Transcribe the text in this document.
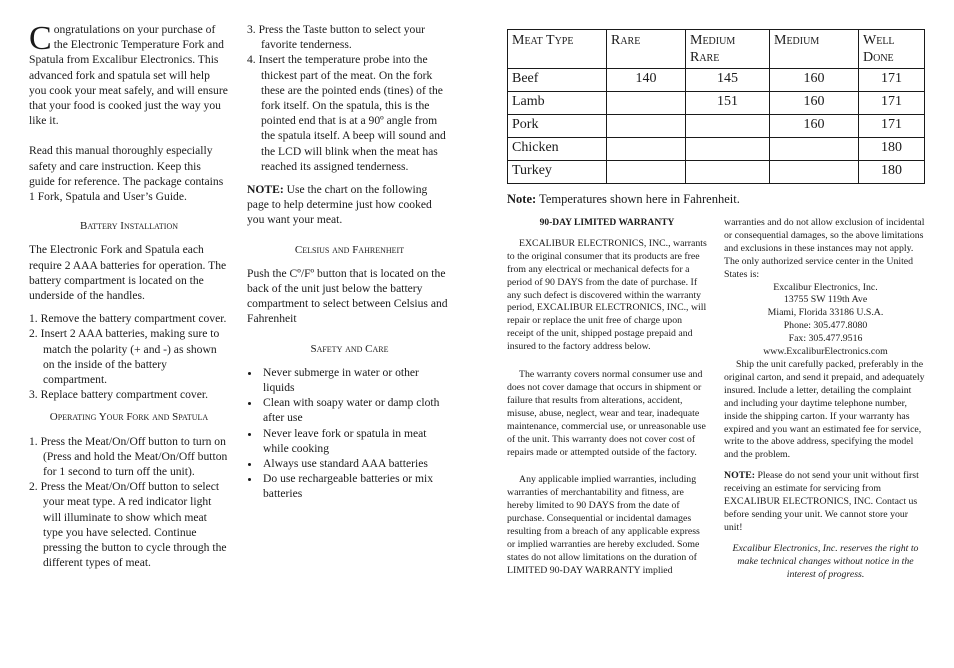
Congratulations on your purchase of the Electronic Temperature Fork and Spatula from Excalibur Electronics. This advanced fork and spatula set will help you cook your meat safely, and will ensure that your food is cooked just the way you like it.

Read this manual thoroughly especially safety and care instruction. Keep this guide for reference. The package contains 1 Fork, Spatula and User’s Guide.

Battery Installation

The Electronic Fork and Spatula each require 2 AAA batteries for operation. The battery compartment is located on the underside of the handles.

1. Remove the battery compartment cover.
2. Insert 2 AAA batteries, making sure to match the polarity (+ and -) as shown on the inside of the battery compartment.
3. Replace battery compartment cover.

Operating Your Fork and Spatula

1. Press the Meat/On/Off button to turn on (Press and hold the Meat/On/Off button for 1 second to turn off the unit).
2. Press the Meat/On/Off button to select your meat type. A red indicator light will illuminate to show which meat type you have selected. Continue pressing the button to cycle through the different types of meat.
3. Press the Taste button to select your favorite tenderness.
4. Insert the temperature probe into the thickest part of the meat. On the fork these are the pointed ends (tines) of the fork itself. On the spatula, this is the pointed end that is at a 90º angle from the spatula itself. A beep will sound and the LCD will blink when the meat has reached its assigned tenderness.

NOTE: Use the chart on the following page to help determine just how cooked you want your meat.

Celsius and Fahrenheit

Push the Cº/Fº button that is located on the back of the unit just below the battery compartment to select between Celsius and Fahrenheit

Safety and Care

• Never submerge in water or other liquids
• Clean with soapy water or damp cloth after use
• Never leave fork or spatula in meat while cooking
• Always use standard AAA batteries
• Do use rechargeable batteries or mix batteries
Meat Type	Rare	Medium Rare	Medium	Well Done
Beef	140	145	160	171
Lamb		151	160	171
Pork			160	171
Chicken				180
Turkey				180

Note: Temperatures shown here in Fahrenheit.

90-DAY LIMITED WARRANTY

EXCALIBUR ELECTRONICS, INC., warrants to the original consumer that its products are free from any electrical or mechanical defects for a period of 90 DAYS from the date of purchase. If any such defect is discovered within the warranty period, EXCALIBUR ELECTRONICS, INC., will repair or replace the unit free of charge upon receipt of the unit, shipped postage prepaid and insured to the factory address below.

The warranty covers normal consumer use and does not cover damage that occurs in shipment or failure that results from alterations, accident, misuse, abuse, neglect, wear and tear, inadequate maintenance, commercial use, or unreasonable use of the unit. This warranty does not cover cost of repairs made or attempted outside of the factory.

Any applicable implied warranties, including warranties of merchantability and fitness, are hereby limited to 90 DAYS from the date of purchase. Consequential or incidental damages resulting from a breach of any applicable express or implied warranties are hereby excluded. Some states do not allow limitations on the duration of LIMITED 90-DAY WARRANTY implied

warranties and do not allow exclusion of incidental or consequential damages, so the above limitations and exclusions in these instances may not apply. The only authorized service center in the United States is:

Excalibur Electronics, Inc.
13755 SW 119th Ave
Miami, Florida 33186 U.S.A.
Phone: 305.477.8080
Fax: 305.477.9516
www.ExcaliburElectronics.com

Ship the unit carefully packed, preferably in the original carton, and send it prepaid, and adequately insured. Include a letter, detailing the complaint and including your daytime telephone number, inside the shipping carton. If your warranty has expired and you want an estimated fee for service, write to the above address, specifying the model and the problem.

NOTE: Please do not send your unit without first receiving an estimate for servicing from EXCALIBUR ELECTRONICS, INC. Contact us before sending your unit. We cannot store your unit!

Excalibur Electronics, Inc. reserves the right to make technical changes without notice in the interest of progress.
